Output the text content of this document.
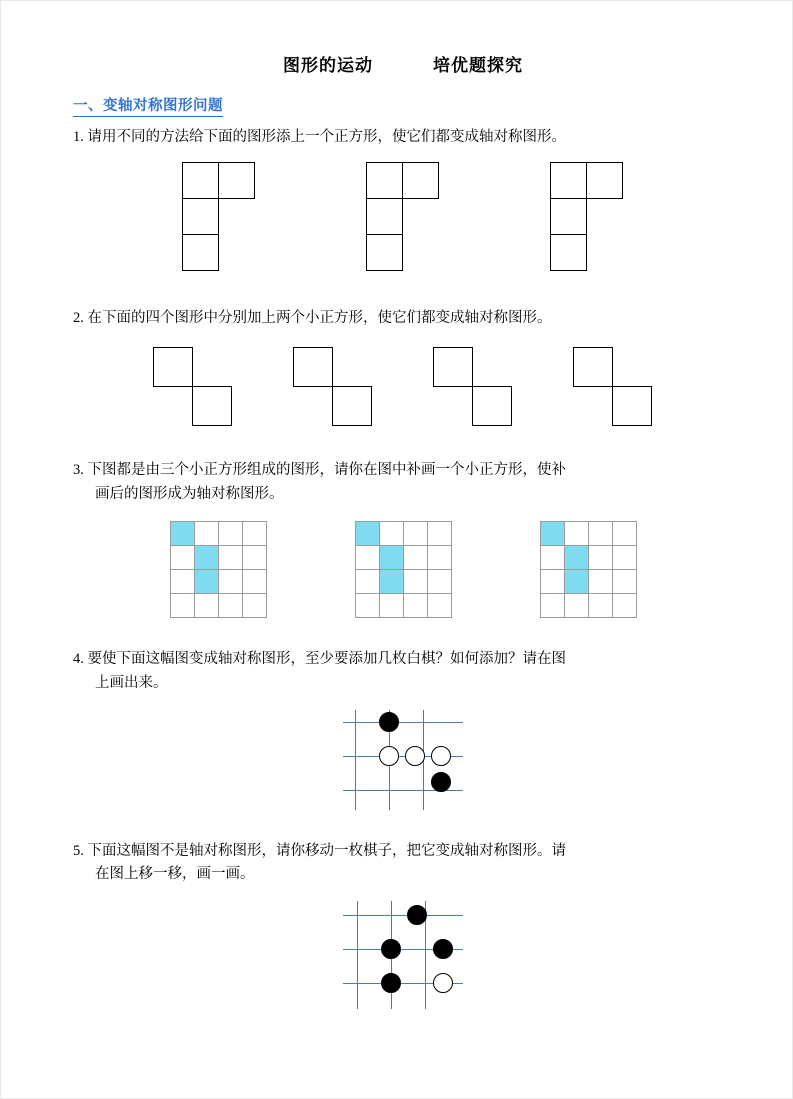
图形的运动	培优题探究
一、变轴对称图形问题
1. 请用不同的方法给下面的图形添上一个正方形，使它们都变成轴对称图形。
2. 在下面的四个图形中分别加上两个小正方形，使它们都变成轴对称图形。
3. 下图都是由三个小正方形组成的图形，请你在图中补画一个小正方形，使补
画后的图形成为轴对称图形。
4. 要使下面这幅图变成轴对称图形，至少要添加几枚白棋？如何添加？请在图
上画出来。
5. 下面这幅图不是轴对称图形，请你移动一枚棋子，把它变成轴对称图形。请
在图上移一移，画一画。
